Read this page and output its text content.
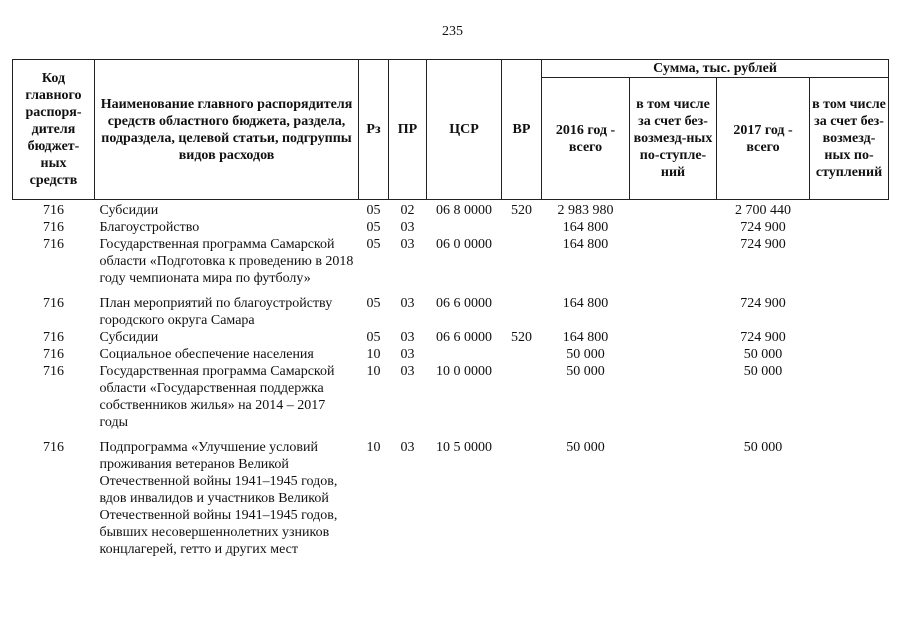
235
Код главного распоря-дителя бюджет-ных средств	Наименование главного распорядителя средств областного бюджета, раздела, подраздела, целевой статьи, подгруппы видов расходов	Рз	ПР	ЦСР	ВР	Сумма, тыс. рублей			
						2016 год - всего	в том числе за счет без-возмезд-ных по-ступле-ний	2017 год - всего	в том числе за счет без-возмезд-ных по-ступлений
716	Субсидии	05	02	06 8 0000	520	2 983 980		2 700 440	
716	Благоустройство	05	03			164 800		724 900	
716	Государственная программа Самарской области «Подготовка к проведению в 2018 году чемпионата мира по футболу»	05	03	06 0 0000		164 800		724 900	
716	План мероприятий по благоустройству городского округа Самара	05	03	06 6 0000		164 800		724 900	
716	Субсидии	05	03	06 6 0000	520	164 800		724 900	
716	Социальное обеспечение населения	10	03			50 000		50 000	
716	Государственная программа Самарской области «Государственная поддержка собственников жилья» на 2014 – 2017 годы	10	03	10 0 0000		50 000		50 000	
716	Подпрограмма «Улучшение условий проживания ветеранов Великой Отечественной войны 1941–1945 годов, вдов инвалидов и участников Великой Отечественной войны 1941–1945 годов, бывших несовершеннолетних узников концлагерей, гетто и других мест	10	03	10 5 0000		50 000		50 000	
